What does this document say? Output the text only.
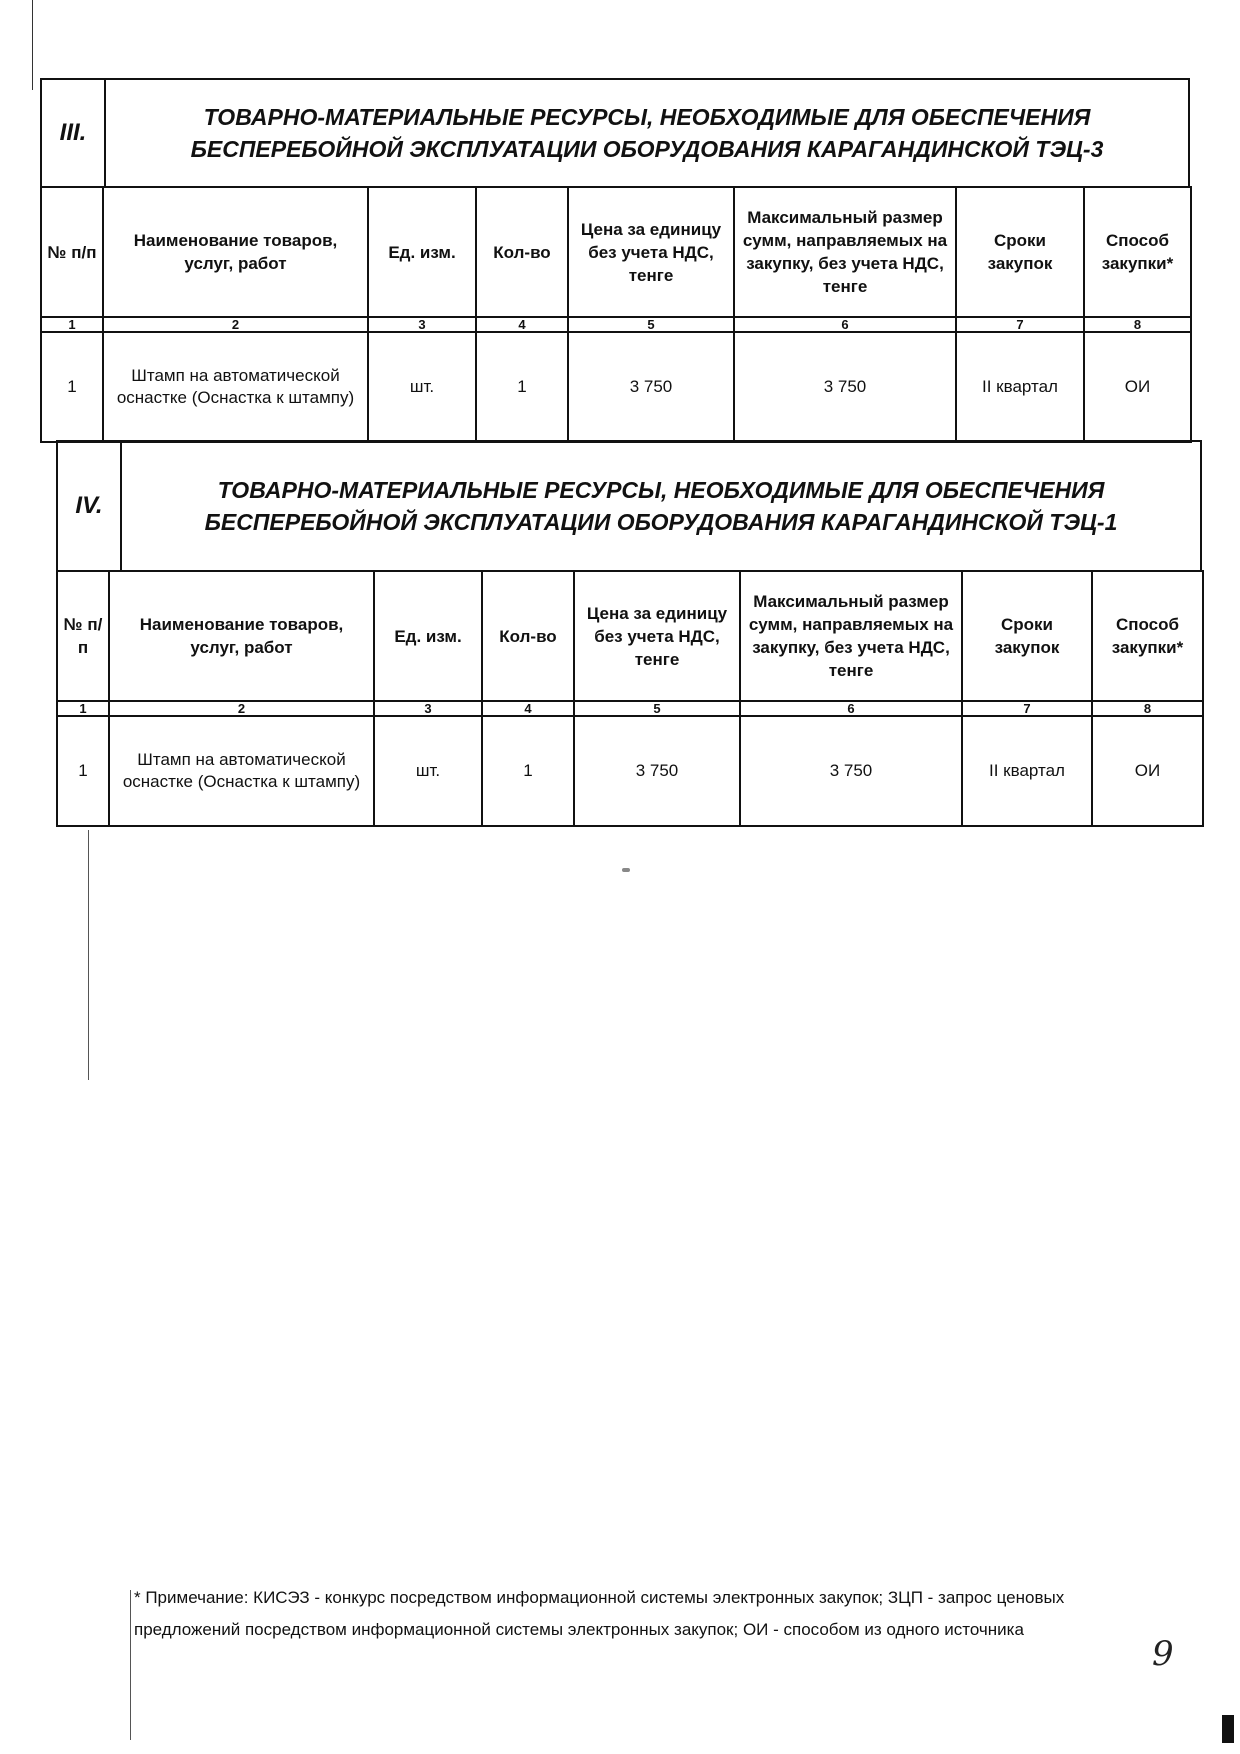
III.
ТОВАРНО-МАТЕРИАЛЬНЫЕ РЕСУРСЫ, НЕОБХОДИМЫЕ ДЛЯ ОБЕСПЕЧЕНИЯ БЕСПЕРЕБОЙНОЙ ЭКСПЛУАТАЦИИ ОБОРУДОВАНИЯ КАРАГАНДИНСКОЙ ТЭЦ-3
№ п/п	Наименование товаров, услуг, работ	Ед. изм.	Кол-во	Цена за единицу без учета НДС, тенге	Максимальный размер сумм, направляемых на закупку, без учета НДС, тенге	Сроки закупок	Способ закупки*
1	2	3	4	5	6	7	8
1	Штамп на автоматической оснастке (Оснастка к штампу)	шт.	1	3 750	3 750	II квартал	ОИ
IV.
ТОВАРНО-МАТЕРИАЛЬНЫЕ РЕСУРСЫ, НЕОБХОДИМЫЕ ДЛЯ ОБЕСПЕЧЕНИЯ БЕСПЕРЕБОЙНОЙ ЭКСПЛУАТАЦИИ ОБОРУДОВАНИЯ КАРАГАНДИНСКОЙ ТЭЦ-1
№ п/п	Наименование товаров, услуг, работ	Ед. изм.	Кол-во	Цена за единицу без учета НДС, тенге	Максимальный размер сумм, направляемых на закупку, без учета НДС, тенге	Сроки закупок	Способ закупки*
1	2	3	4	5	6	7	8
1	Штамп на автоматической оснастке (Оснастка к штампу)	шт.	1	3 750	3 750	II квартал	ОИ
* Примечание: КИСЭЗ - конкурс посредством информационной системы электронных закупок; ЗЦП - запрос ценовых предложений посредством информационной системы электронных закупок; ОИ - способом из одного источника
9
